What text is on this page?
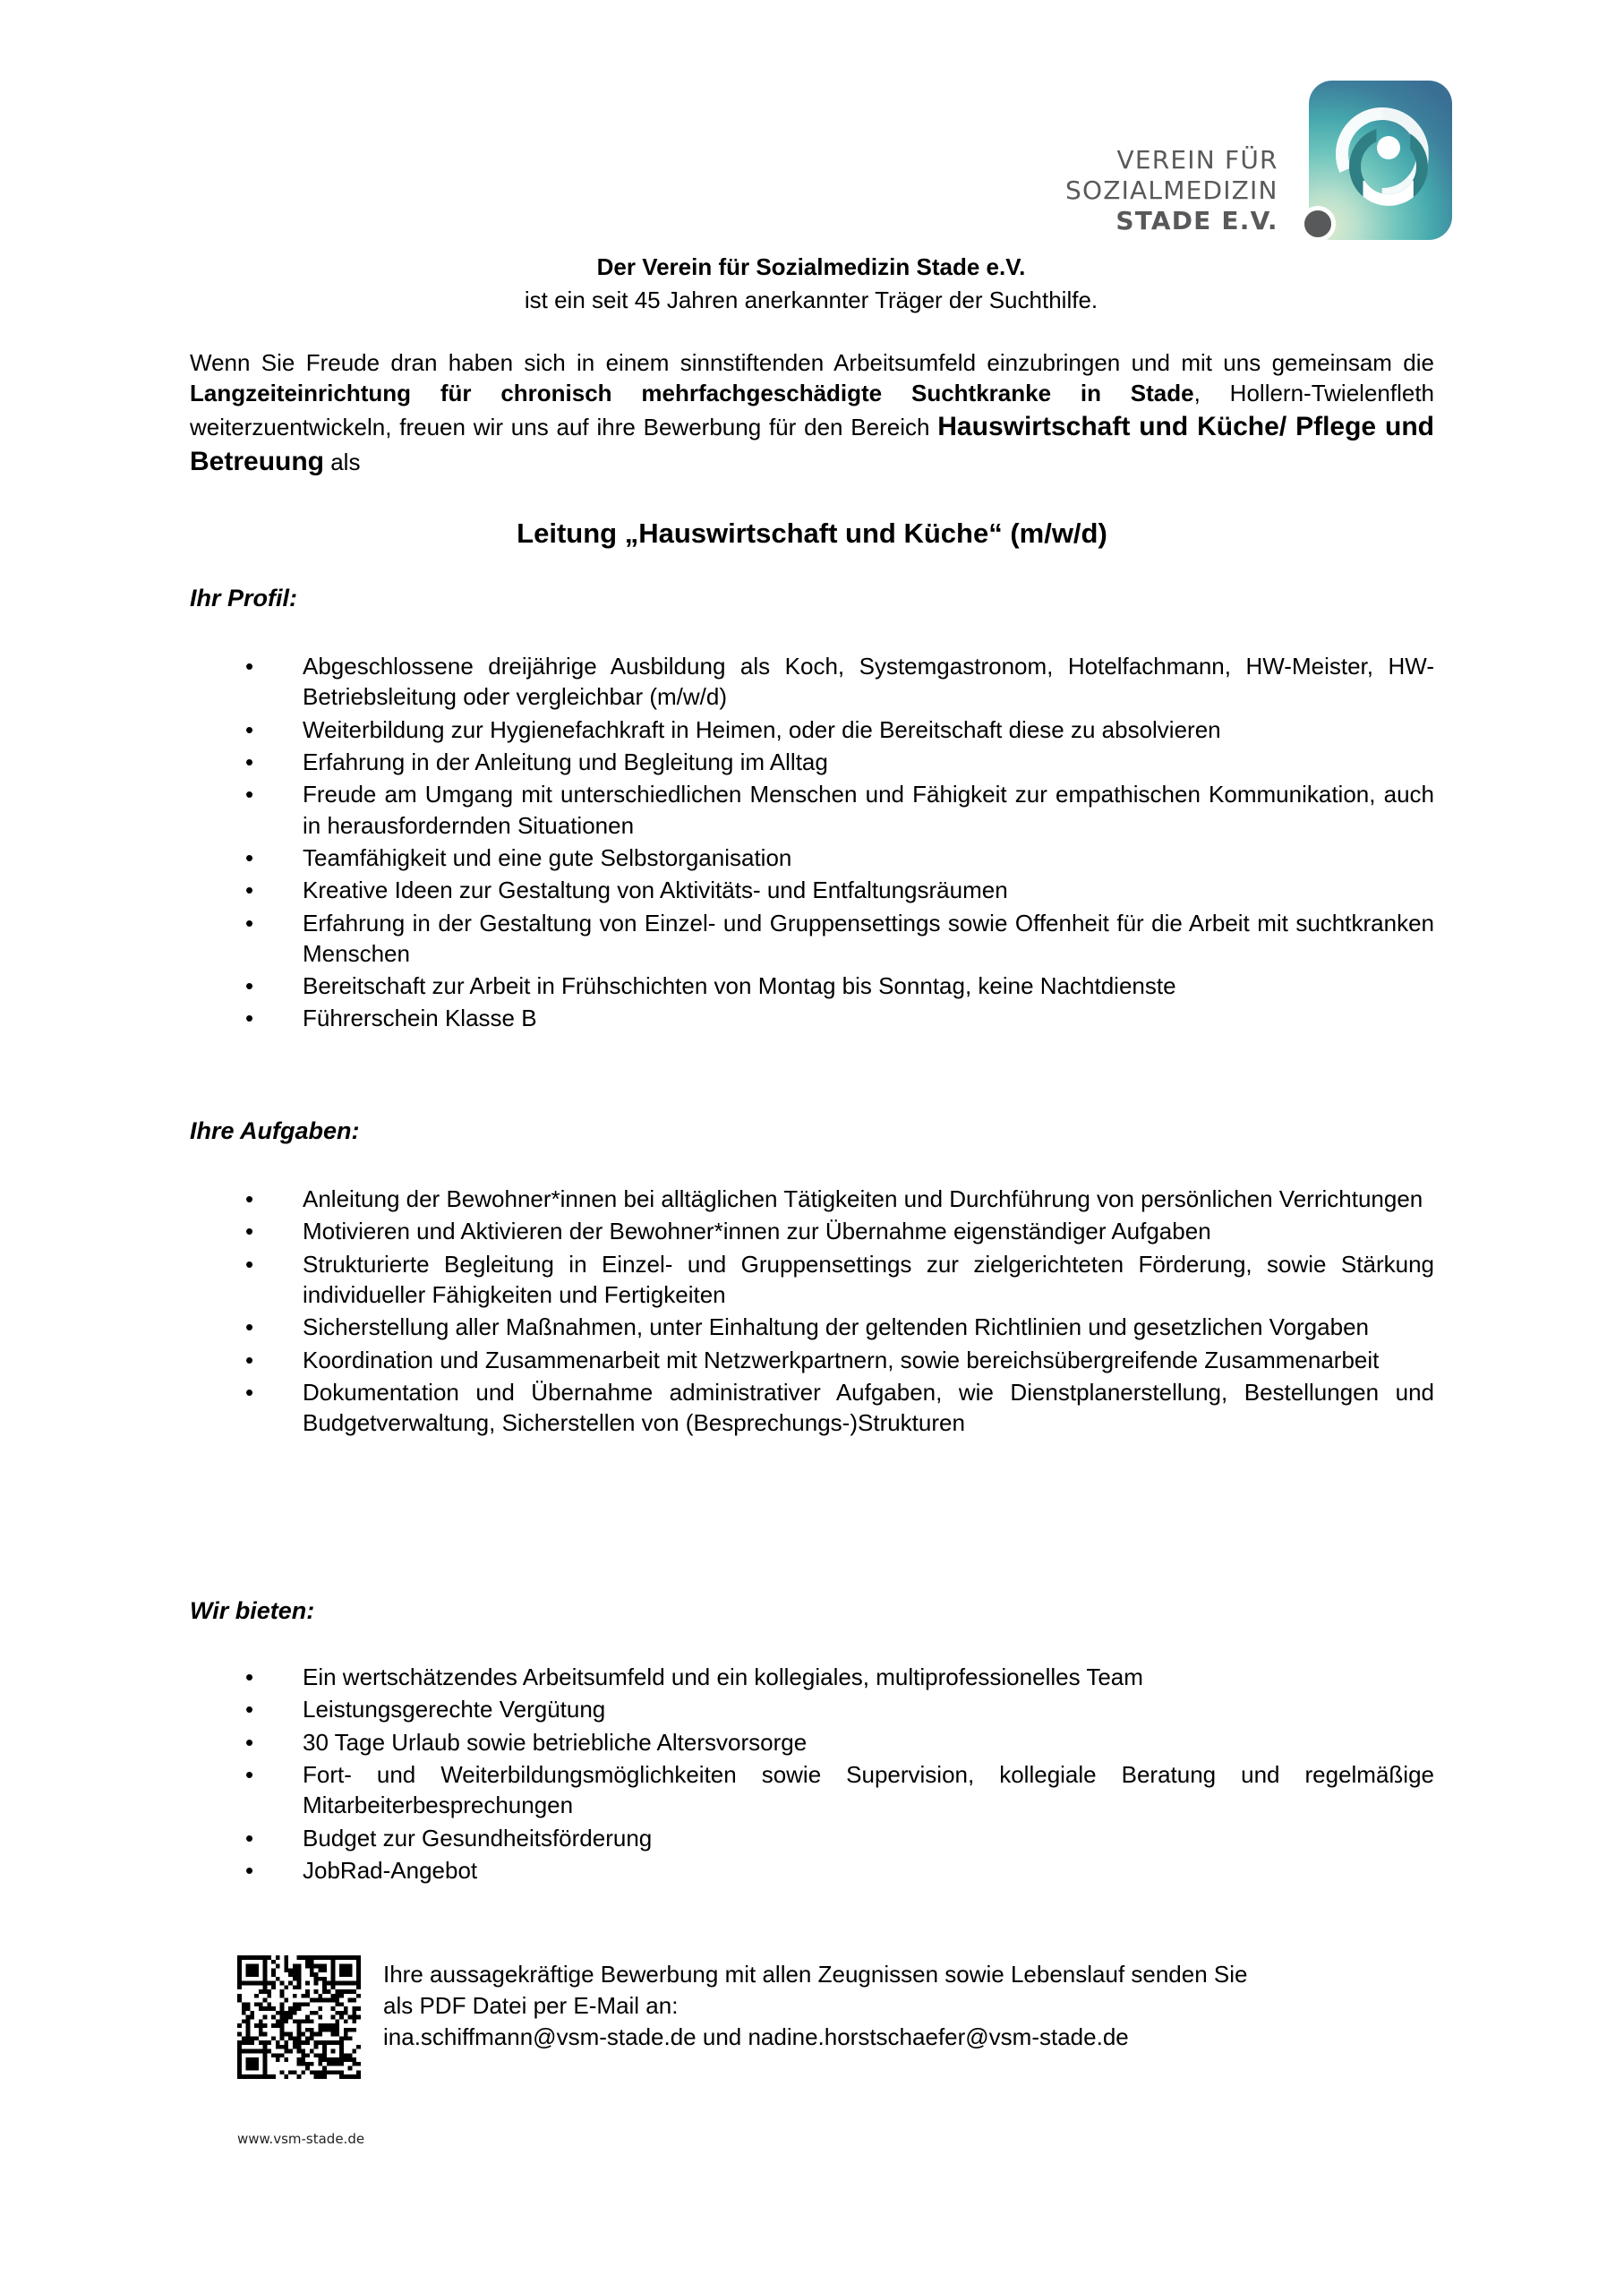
VEREIN FÜR
SOZIALMEDIZIN
STADE E.V.
Der Verein für Sozialmedizin Stade e.V.
ist ein seit 45 Jahren anerkannter Träger der Suchthilfe.
Wenn Sie Freude dran haben sich in einem sinnstiftenden Arbeitsumfeld einzubringen und mit uns gemeinsam die Langzeiteinrichtung für chronisch mehrfachgeschädigte Suchtkranke in Stade, Hollern-Twielenfleth weiterzuentwickeln, freuen wir uns auf ihre Bewerbung für den Bereich Hauswirtschaft und Küche/ Pflege und Betreuung als
Leitung „Hauswirtschaft und Küche“ (m/w/d)
Ihr Profil:
•	Abgeschlossene dreijährige Ausbildung als Koch, Systemgastronom, Hotelfachmann, HW-Meister, HW-Betriebsleitung oder vergleichbar (m/w/d)
•	Weiterbildung zur Hygienefachkraft in Heimen, oder die Bereitschaft diese zu absolvieren
•	Erfahrung in der Anleitung und Begleitung im Alltag
•	Freude am Umgang mit unterschiedlichen Menschen und Fähigkeit zur empathischen Kommunikation, auch in herausfordernden Situationen
•	Teamfähigkeit und eine gute Selbstorganisation
•	Kreative Ideen zur Gestaltung von Aktivitäts- und Entfaltungsräumen
•	Erfahrung in der Gestaltung von Einzel- und Gruppensettings sowie Offenheit für die Arbeit mit suchtkranken Menschen
•	Bereitschaft zur Arbeit in Frühschichten von Montag bis Sonntag, keine Nachtdienste
•	Führerschein Klasse B
Ihre Aufgaben:
•	Anleitung der Bewohner*innen bei alltäglichen Tätigkeiten und Durchführung von persönlichen Verrichtungen
•	Motivieren und Aktivieren der Bewohner*innen zur Übernahme eigenständiger Aufgaben
•	Strukturierte Begleitung in Einzel- und Gruppensettings zur zielgerichteten Förderung, sowie Stärkung individueller Fähigkeiten und Fertigkeiten
•	Sicherstellung aller Maßnahmen, unter Einhaltung der geltenden Richtlinien und gesetzlichen Vorgaben
•	Koordination und Zusammenarbeit mit Netzwerkpartnern, sowie bereichsübergreifende Zusammenarbeit
•	Dokumentation und Übernahme administrativer Aufgaben, wie Dienstplanerstellung, Bestellungen und Budgetverwaltung, Sicherstellen von (Besprechungs-)Strukturen
Wir bieten:
•	Ein wertschätzendes Arbeitsumfeld und ein kollegiales, multiprofessionelles Team
•	Leistungsgerechte Vergütung
•	30 Tage Urlaub sowie betriebliche Altersvorsorge
•	Fort- und Weiterbildungsmöglichkeiten sowie Supervision, kollegiale Beratung und regelmäßige Mitarbeiterbesprechungen
•	Budget zur Gesundheitsförderung
•	JobRad-Angebot
Ihre aussagekräftige Bewerbung mit allen Zeugnissen sowie Lebenslauf senden Sie
als PDF Datei per E-Mail an:
ina.schiffmann@vsm-stade.de und nadine.horstschaefer@vsm-stade.de
www.vsm-stade.de
